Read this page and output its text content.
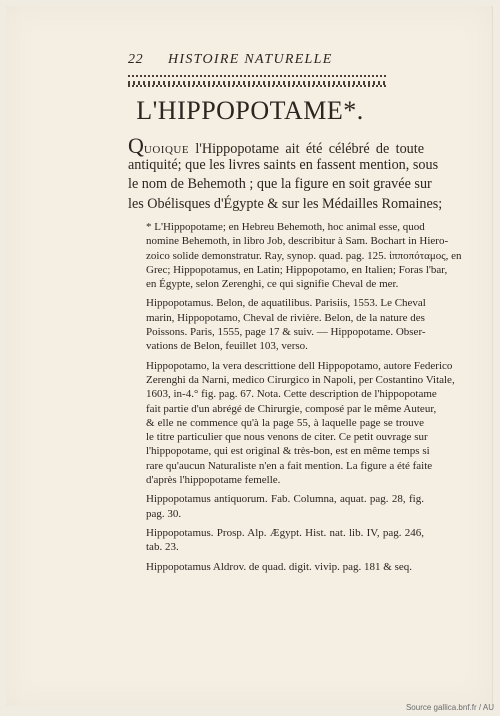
22 HISTOIRE NATURELLE
L'HIPPOPOTAME*.
QUOIQUE l'Hippopotame ait été célébré de toute
antiquité; que les livres saints en fassent mention, sous
le nom de Behemoth ; que la figure en soit gravée sur
les Obélisques d'Égypte & sur les Médailles Romaines;

* L'Hippopotame; en Hebreu Behemoth, hoc animal esse, quod
nomine Behemoth, in libro Job, describitur à Sam. Bochart in Hiero-
zoico solide demonstratur. Ray, synop. quad. pag. 125. ἱπποπόταμος, en
Grec; Hippopotamus, en Latin; Hippopotamo, en Italien; Foras l'bar,
en Égypte, selon Zerenghi, ce qui signifie Cheval de mer.

Hippopotamus. Belon, de aquatilibus. Parisiis, 1553. Le Cheval
marin, Hippopotamo, Cheval de rivière. Belon, de la nature des
Poissons. Paris, 1555, page 17 & suiv. — Hippopotame. Obser-
vations de Belon, feuillet 103, verso.

Hippopotamo, la vera descrittione dell Hippopotamo, autore Federico
Zerenghi da Narni, medico Cirurgico in Napoli, per Costantino Vitale,
1603, in-4.° fig. pag. 67. Nota. Cette description de l'hippopotame
fait partie d'un abrégé de Chirurgie, composé par le même Auteur,
& elle ne commence qu'à la page 55, à laquelle page se trouve
le titre particulier que nous venons de citer. Ce petit ouvrage sur
l'hippopotame, qui est original & très-bon, est en même temps si
rare qu'aucun Naturaliste n'en a fait mention. La figure a été faite
d'après l'hippopotame femelle.

Hippopotamus antiquorum. Fab. Columna, aquat. pag. 28, fig.
pag. 30.

Hippopotamus. Prosp. Alp. Ægypt. Hist. nat. lib. IV, pag. 246,
tab. 23.

Hippopotamus Aldrov. de quad. digit. vivip. pag. 181 & seq.

Source gallica.bnf.fr / AU
